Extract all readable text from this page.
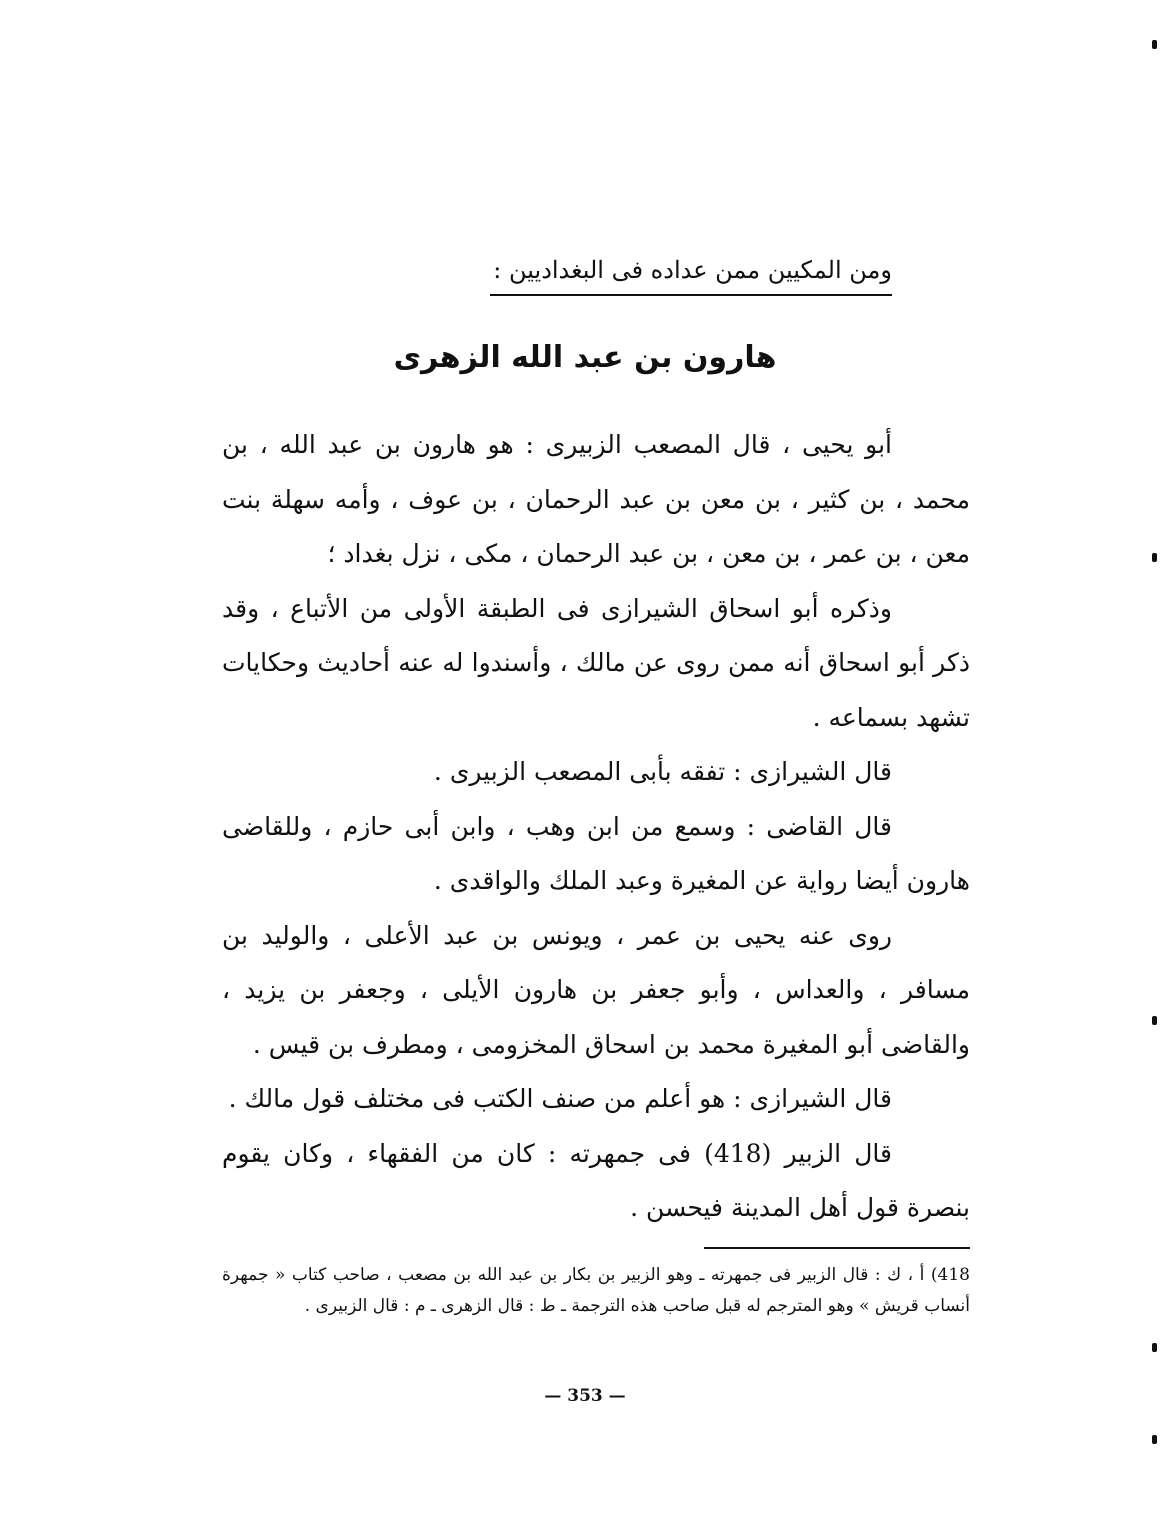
ومن المكيين ممن عداده فى البغداديين :
هارون بن عبد الله الزهرى

أبو يحيى ، قال المصعب الزبيرى : هو هارون بن عبد الله ، بن محمد ، بن كثير ، بن معن بن عبد الرحمان ، بن عوف ، وأمه سهلة بنت معن ، بن عمر ، بن معن ، بن عبد الرحمان ، مكى ، نزل بغداد ؛

وذكره أبو اسحاق الشيرازى فى الطبقة الأولى من الأتباع ، وقد ذكر أبو اسحاق أنه ممن روى عن مالك ، وأسندوا له عنه أحاديث وحكايات تشهد بسماعه .

قال الشيرازى : تفقه بأبى المصعب الزبيرى .

قال القاضى : وسمع من ابن وهب ، وابن أبى حازم ، وللقاضى هارون أيضا رواية عن المغيرة وعبد الملك والواقدى .

روى عنه يحيى بن عمر ، ويونس بن عبد الأعلى ، والوليد بن مسافر ، والعداس ، وأبو جعفر بن هارون الأيلى ، وجعفر بن يزيد ، والقاضى أبو المغيرة محمد بن اسحاق المخزومى ، ومطرف بن قيس .

قال الشيرازى : هو أعلم من صنف الكتب فى مختلف قول مالك .

قال الزبير (418) فى جمهرته : كان من الفقهاء ، وكان يقوم بنصرة قول أهل المدينة فيحسن .

418) أ ، ك : قال الزبير فى جمهرته ـ وهو الزبير بن بكار بن عبد الله بن مصعب ، صاحب كتاب « جمهرة أنساب قريش » وهو المترجم له قبل صاحب هذه الترجمة ـ ط : قال الزهرى ـ م : قال الزبيرى .

— 353 —
